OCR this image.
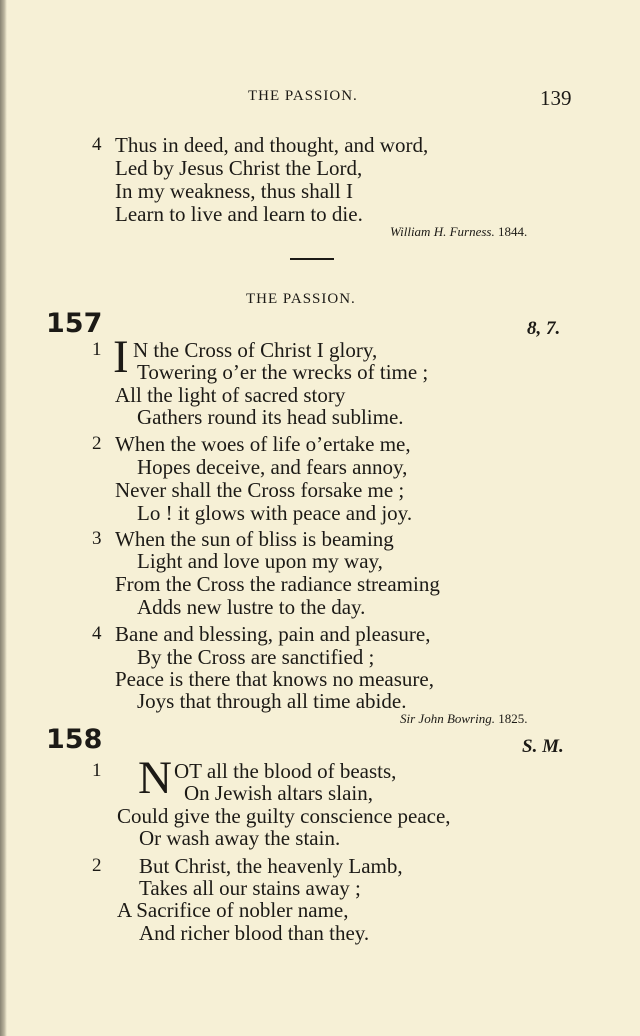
THE PASSION.	139
4 Thus in deed, and thought, and word,
Led by Jesus Christ the Lord,
In my weakness, thus shall I
Learn to live and learn to die.
William H. Furness. 1844.
THE PASSION.
157	8, 7.
1 I N the Cross of Christ I glory,
Towering o’er the wrecks of time ;
All the light of sacred story
Gathers round its head sublime.
2 When the woes of life o’ertake me,
Hopes deceive, and fears annoy,
Never shall the Cross forsake me ;
Lo ! it glows with peace and joy.
3 When the sun of bliss is beaming
Light and love upon my way,
From the Cross the radiance streaming
Adds new lustre to the day.
4 Bane and blessing, pain and pleasure,
By the Cross are sanctified ;
Peace is there that knows no measure,
Joys that through all time abide.
Sir John Bowring. 1825.
158	S. M.
1 N OT all the blood of beasts,
On Jewish altars slain,
Could give the guilty conscience peace,
Or wash away the stain.
2 But Christ, the heavenly Lamb,
Takes all our stains away ;
A Sacrifice of nobler name,
And richer blood than they.
